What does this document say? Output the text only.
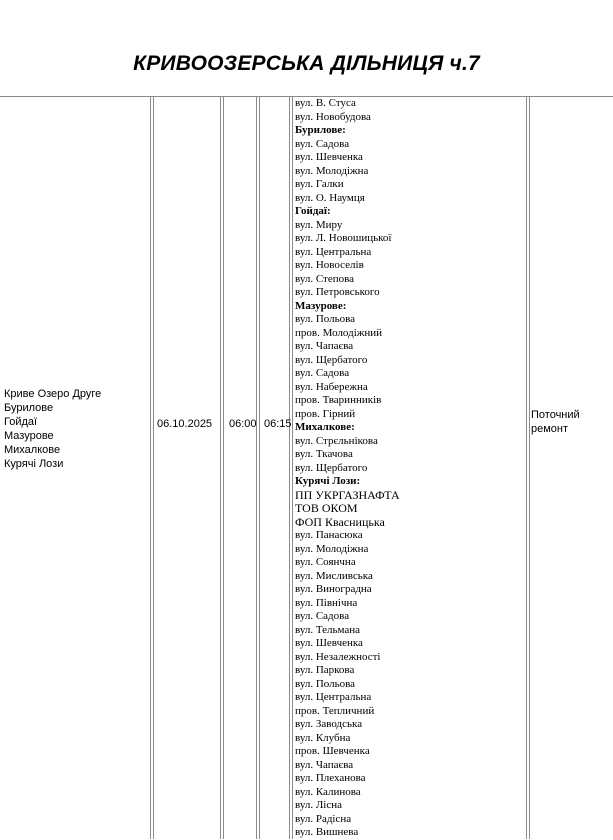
КРИВООЗЕРСЬКА ДІЛЬНИЦЯ ч.7
Криве Озеро Друге
Бурилове
Гойдаї
Мазурове
Михалкове
Курячі Лози
06.10.2025 06:00 06:15
вул. В. Стуса
вул. Новобудова
Бурилове:
вул. Садова
вул. Шевченка
вул. Молодіжна
вул. Галки
вул. О. Наумця
Гойдаї:
вул. Миру
вул. Л. Новошицької
вул. Центральна
вул. Новоселів
вул. Степова
вул. Петровського
Мазурове:
вул. Польова
пров. Молодіжний
вул. Чапаєва
вул. Щербатого
вул. Садова
вул. Набережна
пров. Тваринників
пров. Гірний
Михалкове:
вул. Стрєльнікова
вул. Ткачова
вул. Щербатого
Курячі Лози:
ПП УКРГАЗНАФТА
ТОВ ОКОМ
ФОП Квасницька
вул. Панасюка
вул. Молодіжна
вул. Соянчна
вул. Мисливська
вул. Виноградна
вул. Північна
вул. Садова
вул. Тельмана
вул. Шевченка
вул. Незалежності
вул. Паркова
вул. Польова
вул. Центральна
пров. Тепличний
вул. Заводська
вул. Клубна
пров. Шевченка
вул. Чапаєва
вул. Плеханова
вул. Калинова
вул. Лісна
вул. Радісна
вул. Вишнева
Поточний ремонт
